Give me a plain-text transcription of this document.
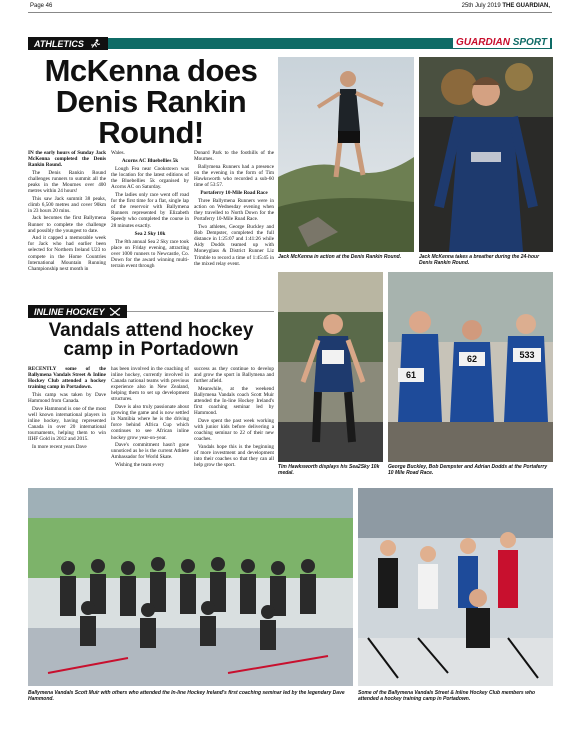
Page 46	25th July 2019 THE GUARDIAN,
ATHLETICS	GUARDIAN SPORT
McKenna does Denis Rankin Round!

IN the early hours of Sunday Jack McKenna completed the Denis Rankin Round.

The Denis Rankin Round challenges runners to summit all the peaks in the Mournes over 400 metres within 24 hours!

This saw Jack summit 38 peaks, climb 6,500 metres and cover 90km in 23 hours 20 mins.

Jack becomes the first Ballymena Runner to complete the challenge and possibly the youngest to date.

And it capped a memorable week for Jack who had earlier been selected for Northern Ireland U23 to compete in the Home Countries International Mountain Running Championship next month in

Wales.

Acorns AC Bluebellies 5k

Lough Fea near Cookstown was the location for the latest editions of the Bluebellies 5k organised by Acorns AC on Saturday.

The ladies only race went off road for the first time for a flat, single lap of the reservoir with Ballymena Runners represented by Elizabeth Speedy who completed the course in 28 minutes exactly.

Sea 2 Sky 10k

The 8th annual Sea 2 Sky race took place on Friday evening, attracting over 1000 runners to Newcastle, Co. Down for the award winning multi-terrain event through

Donard Park to the foothills of the Mournes.

Ballymena Runners had a presence on the evening in the form of Tim Hawksworth who recorded a sub-60 time of 53:57.

Portaferry 10-Mile Road Race

Three Ballymena Runners were in action on Wednesday evening when they travelled to North Down for the Portaferry 10-Mile Road Race.

Two athletes, George Buckley and Bob Dempster, completed the full distance in 1:25:07 and 1:41:26 while Aidy Dodds teamed up with Moneyglass & District Runner Liz Trimble to record a time of 1:45:45 in the mixed relay event.

Jack McKenna in action at the Denis Rankin Round.	Jack McKenna takes a breather during the 24-hour Denis Rankin Round.
61
62	533
Tim Hawksworth displays his Sea2Sky 10k medal.
George Buckley, Bob Dempster and Adrian Dodds at the Portaferry 10 Mile Road Race.
INLINE HOCKEY
Vandals attend hockey camp in Portadown

RECENTLY some of the Ballymena Vandals Street & Inline Hockey Club attended a hockey training camp in Portadown.

This camp was taken by Dave Hammond from Canada.

Dave Hammond is one of the most well known international players in inline hockey, having represented Canada in over 20 international tournaments, helping them to win IIHF Gold in 2012 and 2015.

In more recent years Dave

has been involved in the coaching of inline hockey, currently involved in Canada national teams with previous experience also in New Zealand, helping them to set up development structures.

Dave is also truly passionate about growing the game and is now settled in Namibia where he is the driving force behind Africa Cup which continues to see African inline hockey grow year-on-year.

Dave's commitment hasn't gone unnoticed as he is the current Athlete Ambassador for World Skate.

Wishing the team every

success as they continue to develop and grow the sport in Ballymena and further afield.

Meanwhile, at the weekend Ballymena Vandals coach Scott Muir attended the In-line Hockey Ireland's first coaching seminar led by Hammond.

Dave spent the past week working with junior kids before delivering a coaching seminar to 22 of their new coaches.

Vandals hope this is the beginning of more investment and development into their coaches so that they can all help grow the sport.

Ballymena Vandals Scott Muir with others who attended the In-line Hockey Ireland's first coaching seminar led by the legendary Dave Hammond.
Some of the Ballymena Vandals Street & Inline Hockey Club members who attended a hockey training camp in Portadown.
